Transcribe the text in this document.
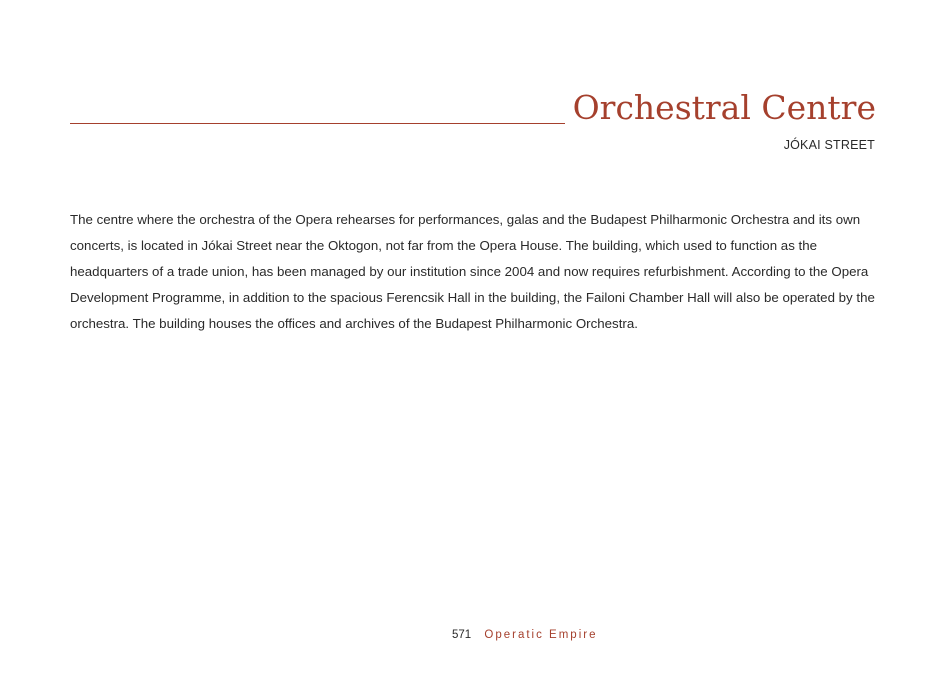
Orchestral Centre
JÓKAI STREET

The centre where the orchestra of the Opera rehearses for performances, galas and the Budapest Philharmonic Orchestra and its own concerts, is located in Jókai Street near the Oktogon, not far from the Opera House. The building, which used to function as the headquarters of a trade union, has been managed by our institution since 2004 and now requires refurbishment. According to the Opera Development Programme, in addition to the spacious Ferencsik Hall in the building, the Failoni Chamber Hall will also be operated by the orchestra. The building houses the offices and archives of the Budapest Philharmonic Orchestra.

571 Operatic Empire
